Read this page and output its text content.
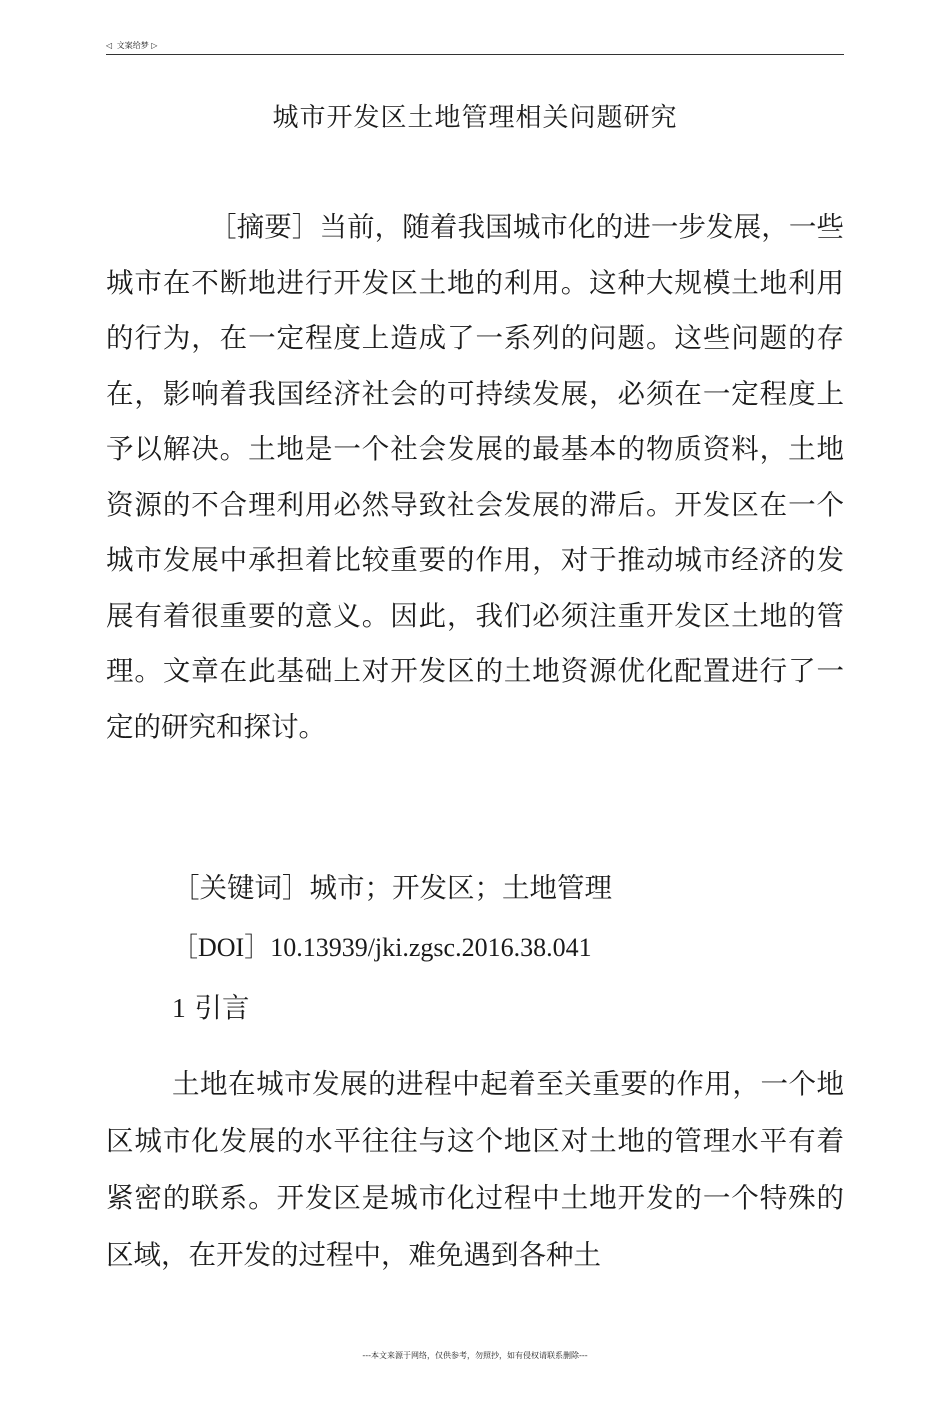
◁ 文案给梦 ▷
城市开发区土地管理相关问题研究

［摘要］当前，随着我国城市化的进一步发展，一些城市在不断地进行开发区土地的利用。这种大规模土地利用的行为，在一定程度上造成了一系列的问题。这些问题的存在，影响着我国经济社会的可持续发展，必须在一定程度上予以解决。土地是一个社会发展的最基本的物质资料，土地资源的不合理利用必然导致社会发展的滞后。开发区在一个城市发展中承担着比较重要的作用，对于推动城市经济的发展有着很重要的意义。因此，我们必须注重开发区土地的管理。文章在此基础上对开发区的土地资源优化配置进行了一定的研究和探讨。

［关键词］城市；开发区；土地管理
［DOI］10.13939/jki.zgsc.2016.38.041
1 引言

土地在城市发展的进程中起着至关重要的作用，一个地区城市化发展的水平往往与这个地区对土地的管理水平有着紧密的联系。开发区是城市化过程中土地开发的一个特殊的区域，在开发的过程中，难免遇到各种土

---本文来源于网络，仅供参考，勿照抄，如有侵权请联系删除---
